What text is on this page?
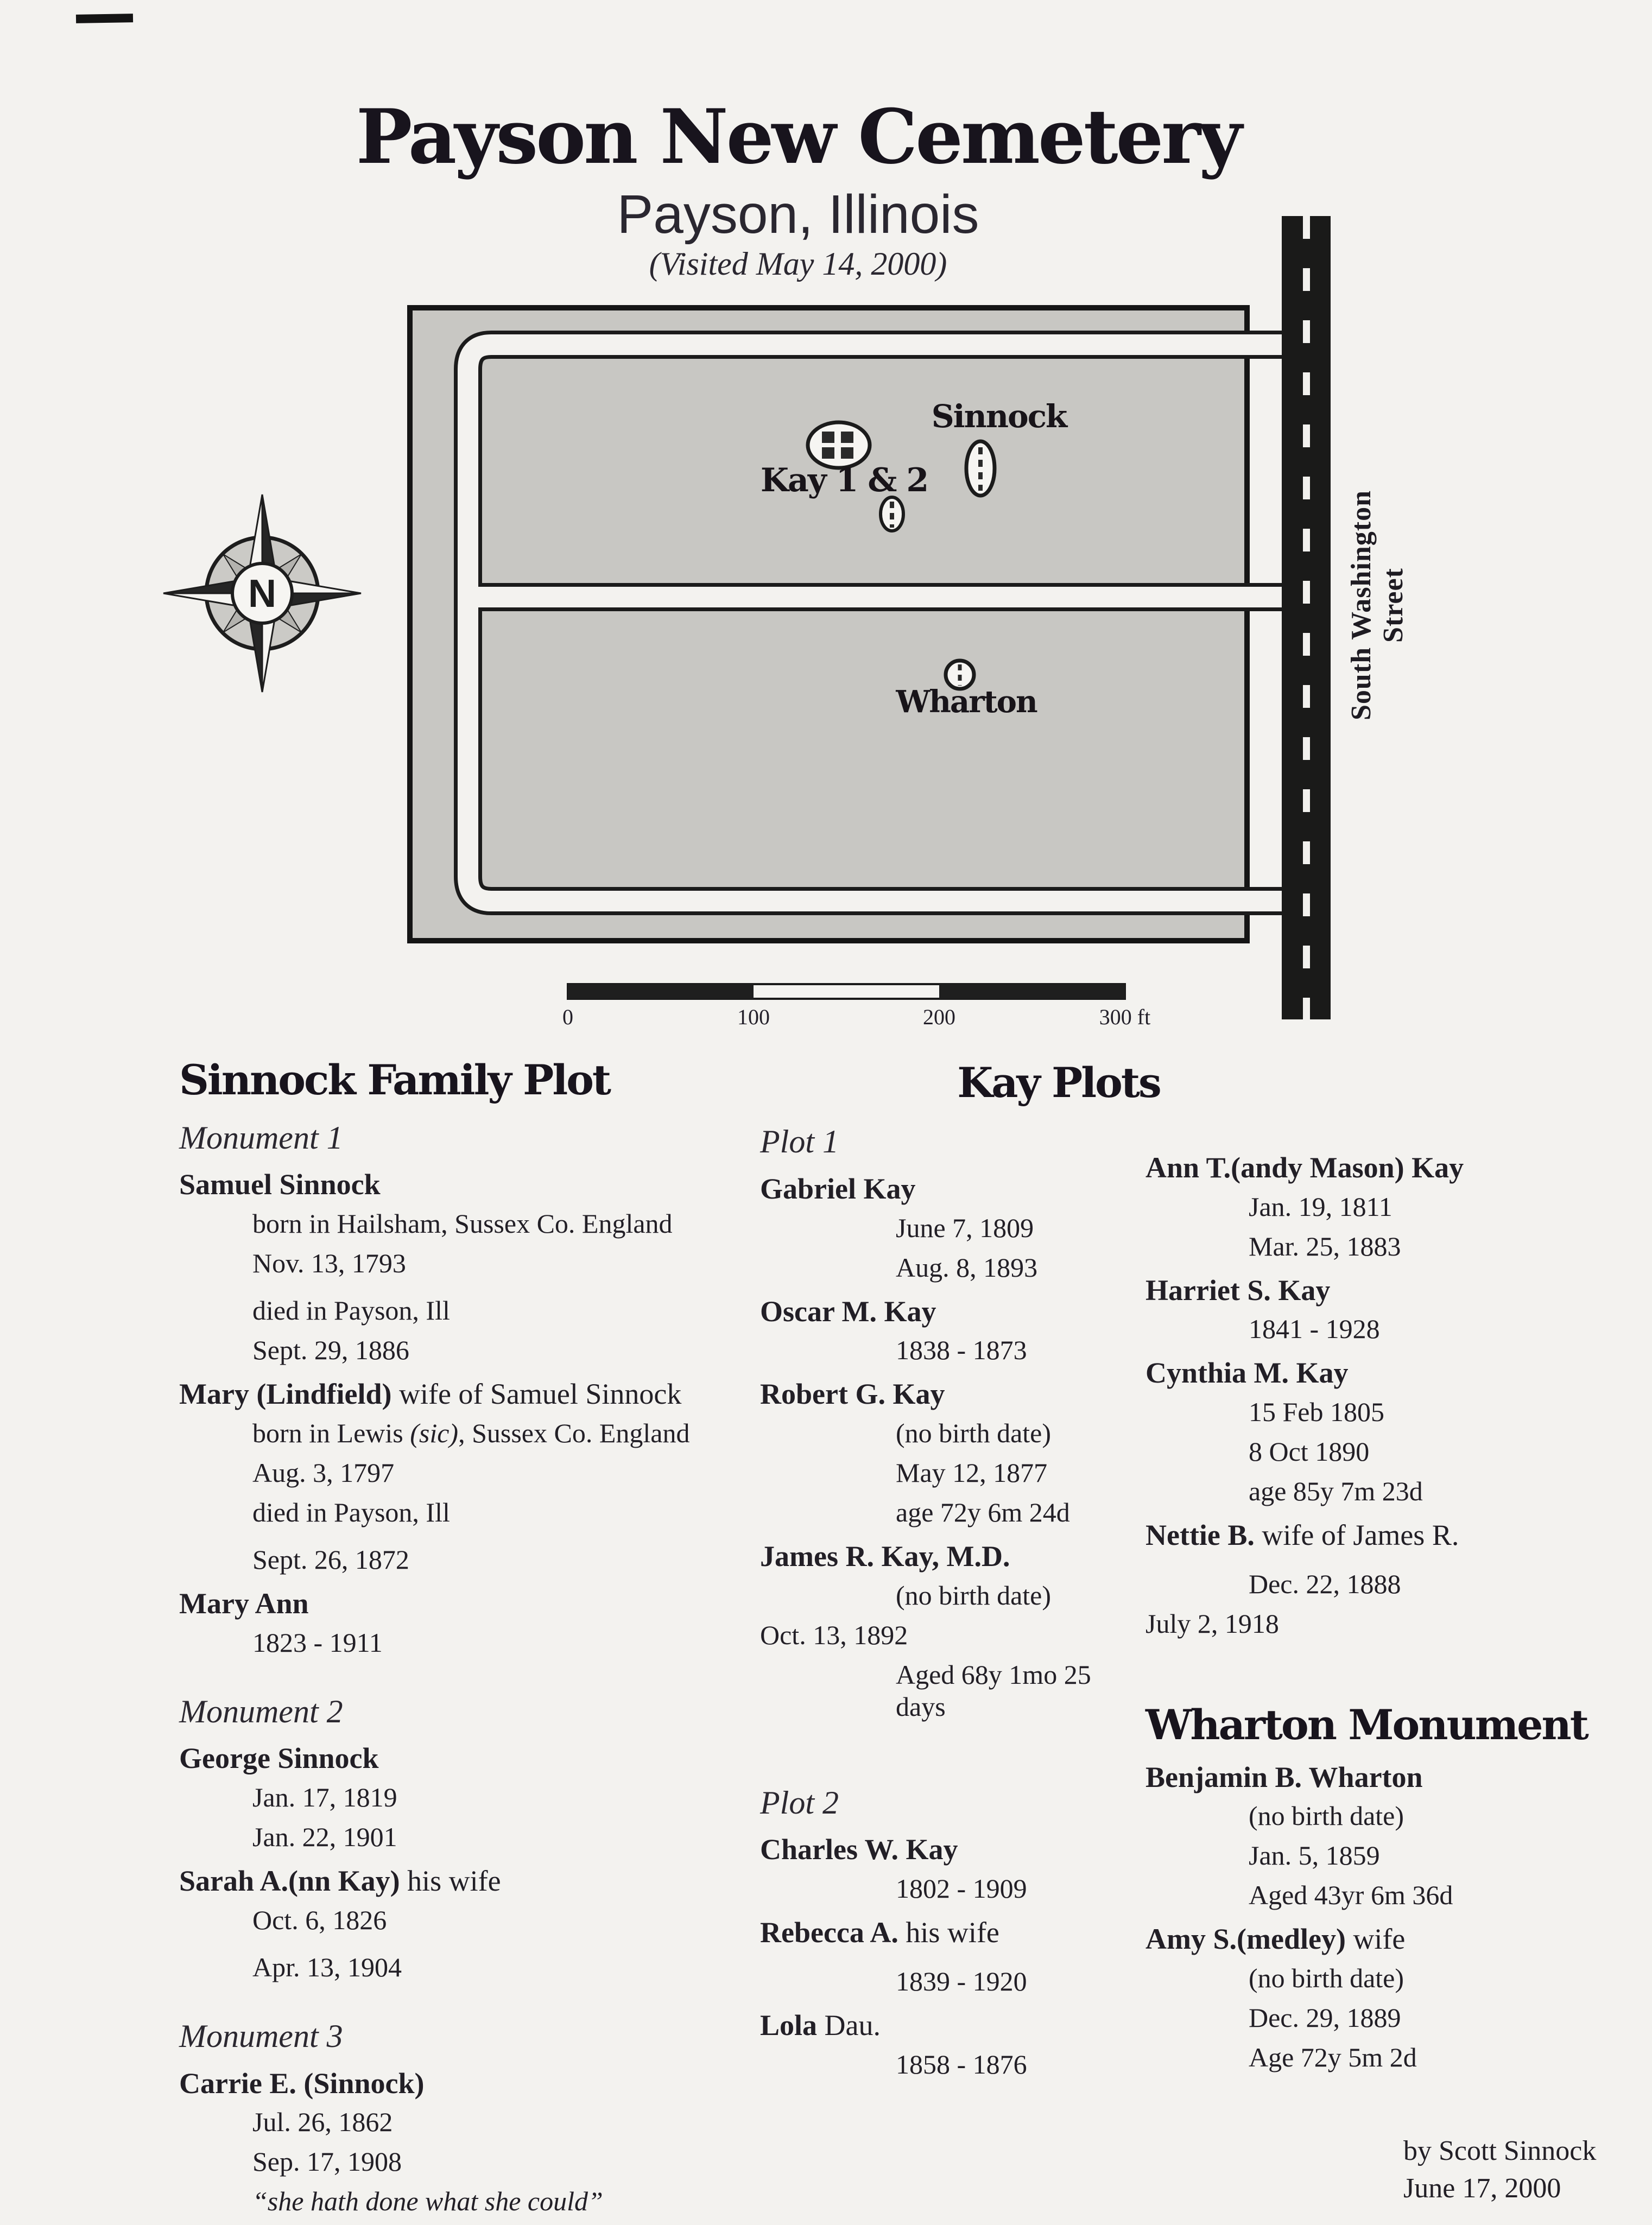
Payson New Cemetery
Payson, Illinois
(Visited May 14, 2000)
South Washington Street
Sinnock
Kay 1 & 2
Wharton
N
0	100	200	300 ft
Sinnock Family Plot
Monument 1
Samuel Sinnock
born in Hailsham, Sussex Co. England
Nov. 13, 1793
died in Payson, Ill
Sept. 29, 1886
Mary (Lindfield) wife of Samuel Sinnock
born in Lewis (sic), Sussex Co. England
Aug. 3, 1797
died in Payson, Ill
Sept. 26, 1872
Mary Ann
1823 - 1911
Monument 2
George Sinnock
Jan. 17, 1819
Jan. 22, 1901
Sarah A.(nn Kay) his wife
Oct. 6, 1826
Apr. 13, 1904
Monument 3
Carrie E. (Sinnock)
Jul. 26, 1862
Sep. 17, 1908
“she hath done what she could”
Kay Plots
Plot 1
Gabriel Kay
June 7, 1809
Aug. 8, 1893
Oscar M. Kay
1838 - 1873
Robert G. Kay
(no birth date)
May 12, 1877
age 72y 6m 24d
James R. Kay, M.D.
(no birth date)
Oct. 13, 1892
Aged 68y 1mo 25 days
Plot 2
Charles W. Kay
1802 - 1909
Rebecca A. his wife
1839 - 1920
Lola Dau.
1858 - 1876
Ann T.(andy Mason) Kay
Jan. 19, 1811
Mar. 25, 1883
Harriet S. Kay
1841 - 1928
Cynthia M. Kay
15 Feb 1805
8 Oct 1890
age 85y 7m 23d
Nettie B. wife of James R.
Dec. 22, 1888
July 2, 1918
Wharton Monument
Benjamin B. Wharton
(no birth date)
Jan. 5, 1859
Aged 43yr 6m 36d
Amy S.(medley) wife
(no birth date)
Dec. 29, 1889
Age 72y 5m 2d
by Scott Sinnock
June 17, 2000
